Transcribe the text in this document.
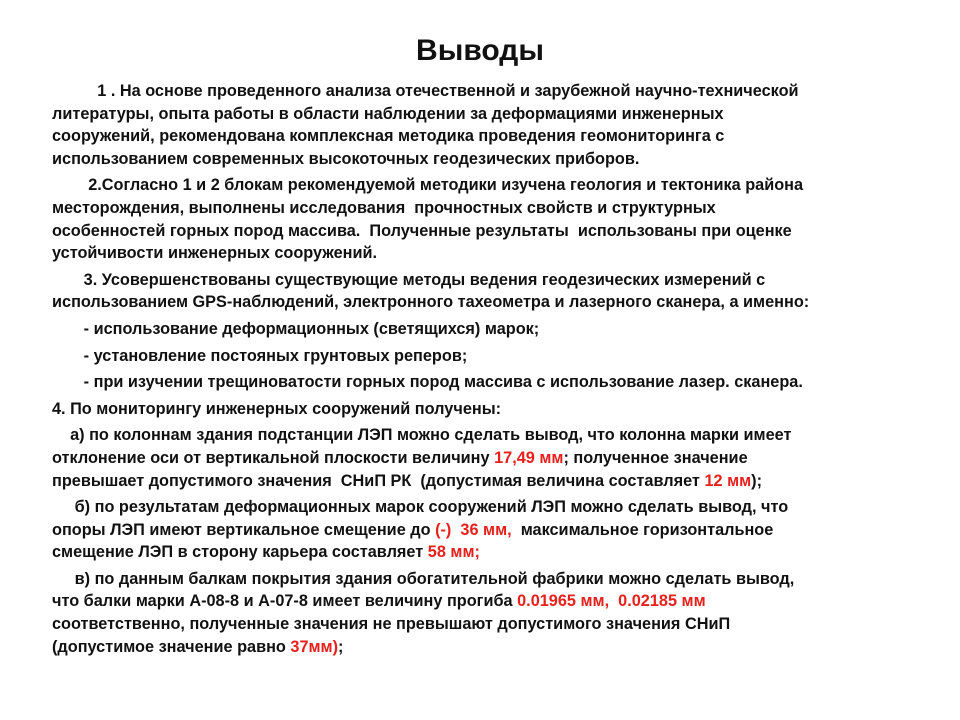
Выводы
1 . На основе проведенного анализа отечественной и зарубежной научно-технической
литературы, опыта работы в области наблюдении за деформациями инженерных
сооружений, рекомендована комплексная методика проведения геомониторинга с
использованием современных высокоточных геодезических приборов.
2.Согласно 1 и 2 блокам рекомендуемой методики изучена геология и тектоника района
месторождения, выполнены исследования  прочностных свойств и структурных
особенностей горных пород массива.  Полученные результаты  использованы при оценке
устойчивости инженерных сооружений.
3. Усовершенствованы существующие методы ведения геодезических измерений с
использованием GPS-наблюдений, электронного тахеометра и лазерного сканера, а именно:
- использование деформационных (светящихся) марок;
- установление постояных грунтовых реперов;
- при изучении трещиноватости горных пород массива с использование лазер. сканера.
4. По мониторингу инженерных сооружений получены:
а) по колоннам здания подстанции ЛЭП можно сделать вывод, что колонна марки имеет
отклонение оси от вертикальной плоскости величину 17,49 мм; полученное значение
превышает допустимого значения  СНиП РК  (допустимая величина составляет 12 мм);
б) по результатам деформационных марок сооружений ЛЭП можно сделать вывод, что
опоры ЛЭП имеют вертикальное смещение до (-)  36 мм,  максимальное горизонтальное
смещение ЛЭП в сторону карьера составляет 58 мм;
в) по данным балкам покрытия здания обогатительной фабрики можно сделать вывод,
что балки марки А-08-8 и А-07-8 имеет величину прогиба 0.01965 мм,  0.02185 мм
соответственно, полученные значения не превышают допустимого значения СНиП
(допустимое значение равно 37мм);
